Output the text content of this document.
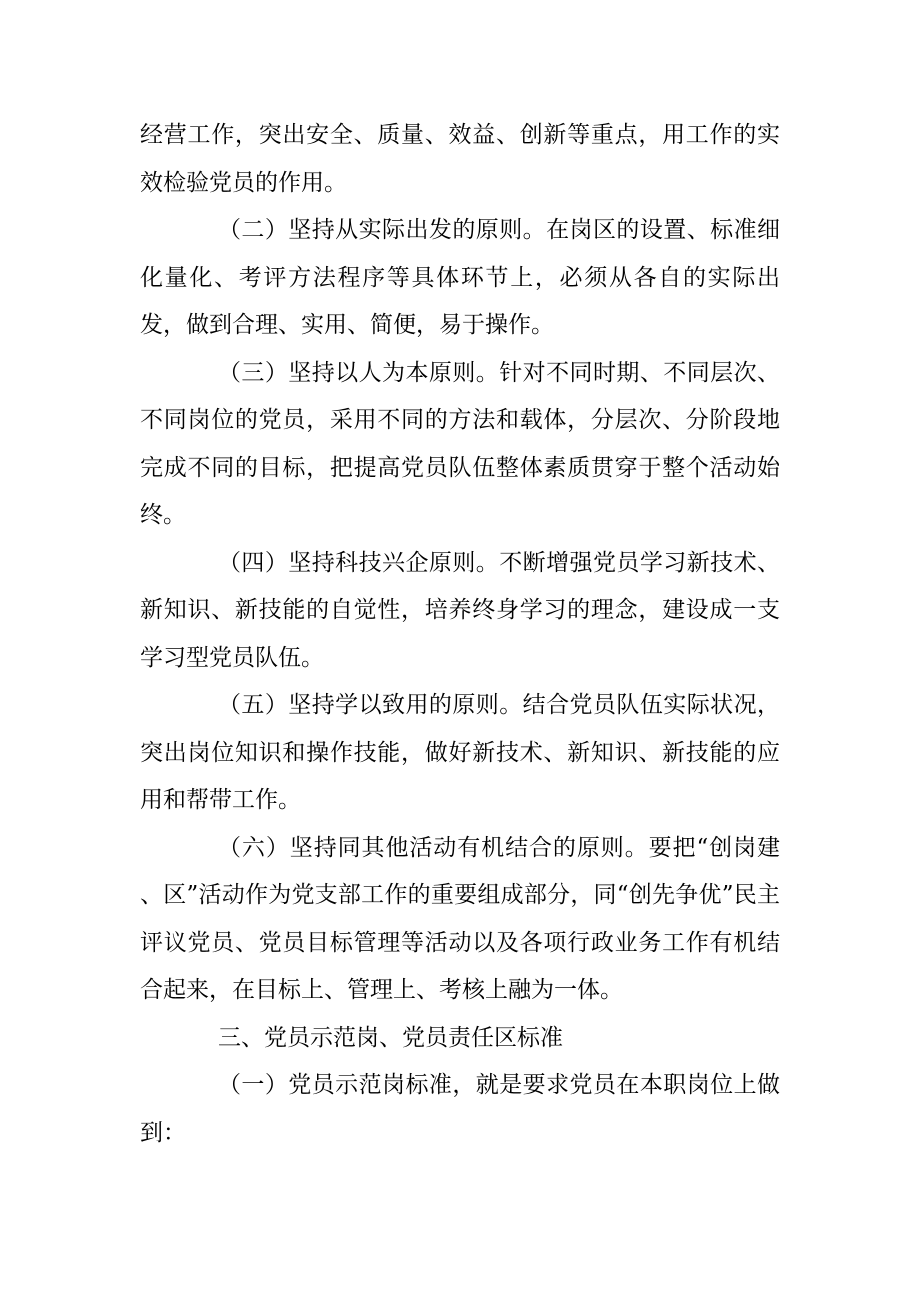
经营工作，突出安全、质量、效益、创新等重点，用工作的实效检验党员的作用。

（二）坚持从实际出发的原则。在岗区的设置、标准细化量化、考评方法程序等具体环节上，必须从各自的实际出发，做到合理、实用、简便，易于操作。

（三）坚持以人为本原则。针对不同时期、不同层次、不同岗位的党员，采用不同的方法和载体，分层次、分阶段地完成不同的目标，把提高党员队伍整体素质贯穿于整个活动始终。

（四）坚持科技兴企原则。不断增强党员学习新技术、新知识、新技能的自觉性，培养终身学习的理念，建设成一支学习型党员队伍。

（五）坚持学以致用的原则。结合党员队伍实际状况，突出岗位知识和操作技能，做好新技术、新知识、新技能的应用和帮带工作。

（六）坚持同其他活动有机结合的原则。要把“创岗建 、区”活动作为党支部工作的重要组成部分，同“创先争优”民主评议党员、党员目标管理等活动以及各项行政业务工作有机结合起来，在目标上、管理上、考核上融为一体。

三、党员示范岗、党员责任区标准

（一）党员示范岗标准，就是要求党员在本职岗位上做到：
